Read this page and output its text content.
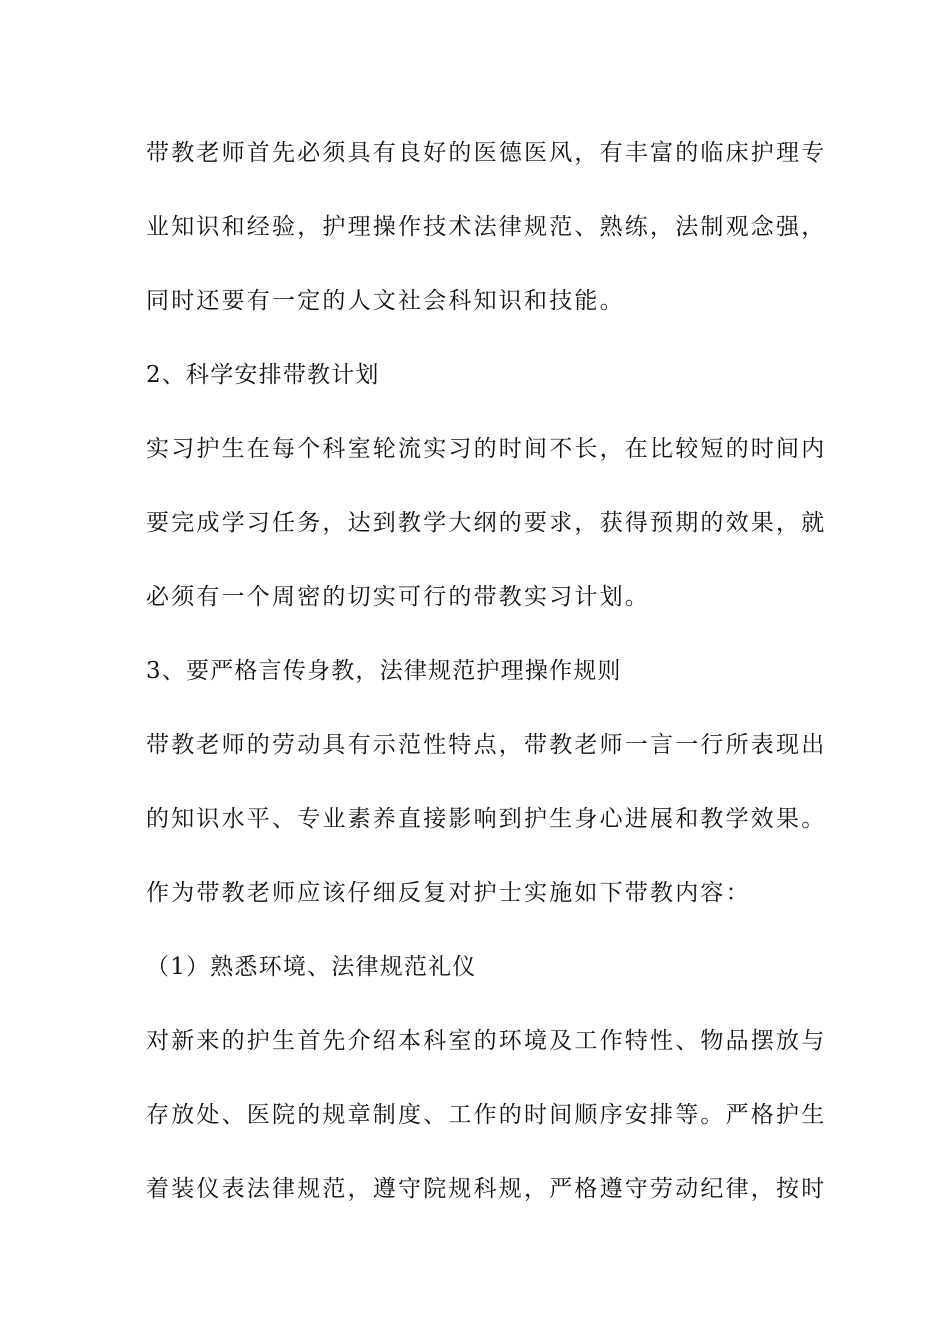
带教老师首先必须具有良好的医德医风，有丰富的临床护理专
业知识和经验，护理操作技术法律规范、熟练，法制观念强，
同时还要有一定的人文社会科知识和技能。
2、科学安排带教计划
实习护生在每个科室轮流实习的时间不长，在比较短的时间内
要完成学习任务，达到教学大纲的要求，获得预期的效果，就
必须有一个周密的切实可行的带教实习计划。
3、要严格言传身教，法律规范护理操作规则
带教老师的劳动具有示范性特点，带教老师一言一行所表现出
的知识水平、专业素养直接影响到护生身心进展和教学效果。
作为带教老师应该仔细反复对护士实施如下带教内容：
（1）熟悉环境、法律规范礼仪
对新来的护生首先介绍本科室的环境及工作特性、物品摆放与
存放处、医院的规章制度、工作的时间顺序安排等。严格护生
着装仪表法律规范，遵守院规科规，严格遵守劳动纪律，按时
